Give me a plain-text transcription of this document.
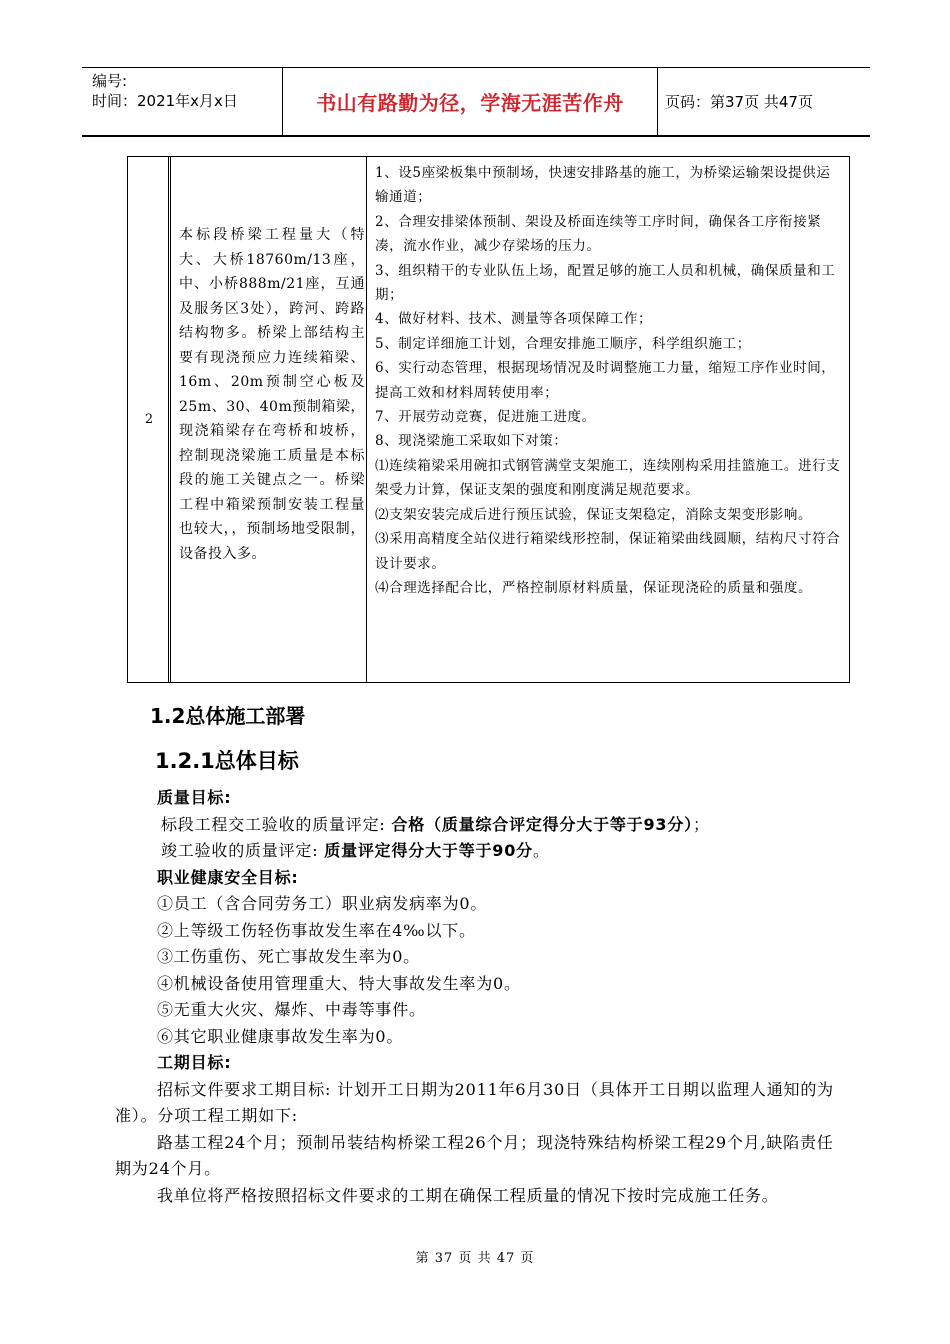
编号:
时间：2021年x月x日	书山有路勤为径，学海无涯苦作舟	页码：第37页 共47页
2
本标段桥梁工程量大（特大、大桥18760m/13座，中、小桥888m/21座，互通及服务区3处），跨河、跨路结构物多。桥梁上部结构主要有现浇预应力连续箱梁、16m、20m预制空心板及25m、30、40m预制箱梁，现浇箱梁存在弯桥和坡桥，控制现浇梁施工质量是本标段的施工关键点之一。桥梁工程中箱梁预制安装工程量也较大，，预制场地受限制，设备投入多。

1、设5座梁板集中预制场，快速安排路基的施工，为桥梁运输架设提供运输通道；

2、合理安排梁体预制、架设及桥面连续等工序时间，确保各工序衔接紧凑，流水作业，减少存梁场的压力。

3、组织精干的专业队伍上场，配置足够的施工人员和机械，确保质量和工期；

4、做好材料、技术、测量等各项保障工作；

5、制定详细施工计划，合理安排施工顺序，科学组织施工；

6、实行动态管理，根据现场情况及时调整施工力量，缩短工序作业时间，提高工效和材料周转使用率；

7、开展劳动竞赛，促进施工进度。

8、现浇梁施工采取如下对策：

⑴连续箱梁采用碗扣式钢管满堂支架施工，连续刚构采用挂篮施工。进行支架受力计算，保证支架的强度和刚度满足规范要求。

⑵支架安装完成后进行预压试验，保证支架稳定，消除支架变形影响。

⑶采用高精度全站仪进行箱梁线形控制，保证箱梁曲线圆顺，结构尺寸符合设计要求。

⑷合理选择配合比，严格控制原材料质量，保证现浇砼的质量和强度。

1.2总体施工部署
1.2.1总体目标

质量目标:

标段工程交工验收的质量评定: 合格（质量综合评定得分大于等于93分）；

竣工验收的质量评定: 质量评定得分大于等于90分。

职业健康安全目标:

①员工（含合同劳务工）职业病发病率为0。

②上等级工伤轻伤事故发生率在4‰以下。

③工伤重伤、死亡事故发生率为0。

④机械设备使用管理重大、特大事故发生率为0。

⑤无重大火灾、爆炸、中毒等事件。

⑥其它职业健康事故发生率为0。

工期目标:

招标文件要求工期目标: 计划开工日期为2011年6月30日（具体开工日期以监理人通知的为准）。分项工程工期如下:

路基工程24个月；预制吊装结构桥梁工程26个月；现浇特殊结构桥梁工程29个月,缺陷责任期为24个月。

我单位将严格按照招标文件要求的工期在确保工程质量的情况下按时完成施工任务。

第 37 页 共 47 页
